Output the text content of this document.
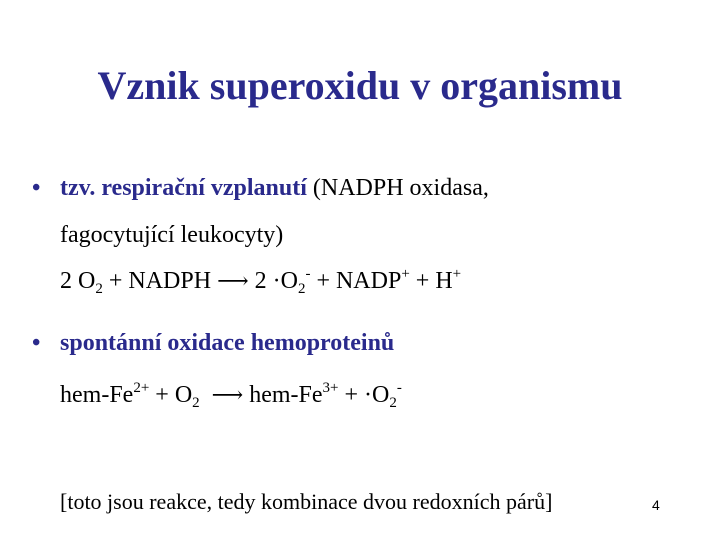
Vznik superoxidu v organismu
• tzv. respirační vzplanutí (NADPH oxidasa,
fagocytující leukocyty)
2 $O_2$ + NADPH ⟶ $2 \cdot O_2^-$ + NADP+ + H+
• spontánní oxidace hemoproteinů
hem-$Fe^{2+} + O_2$ ⟶ hem-$Fe^{3+} + \cdot O_2^-$
[toto jsou reakce, tedy kombinace dvou redoxních párů]	4
